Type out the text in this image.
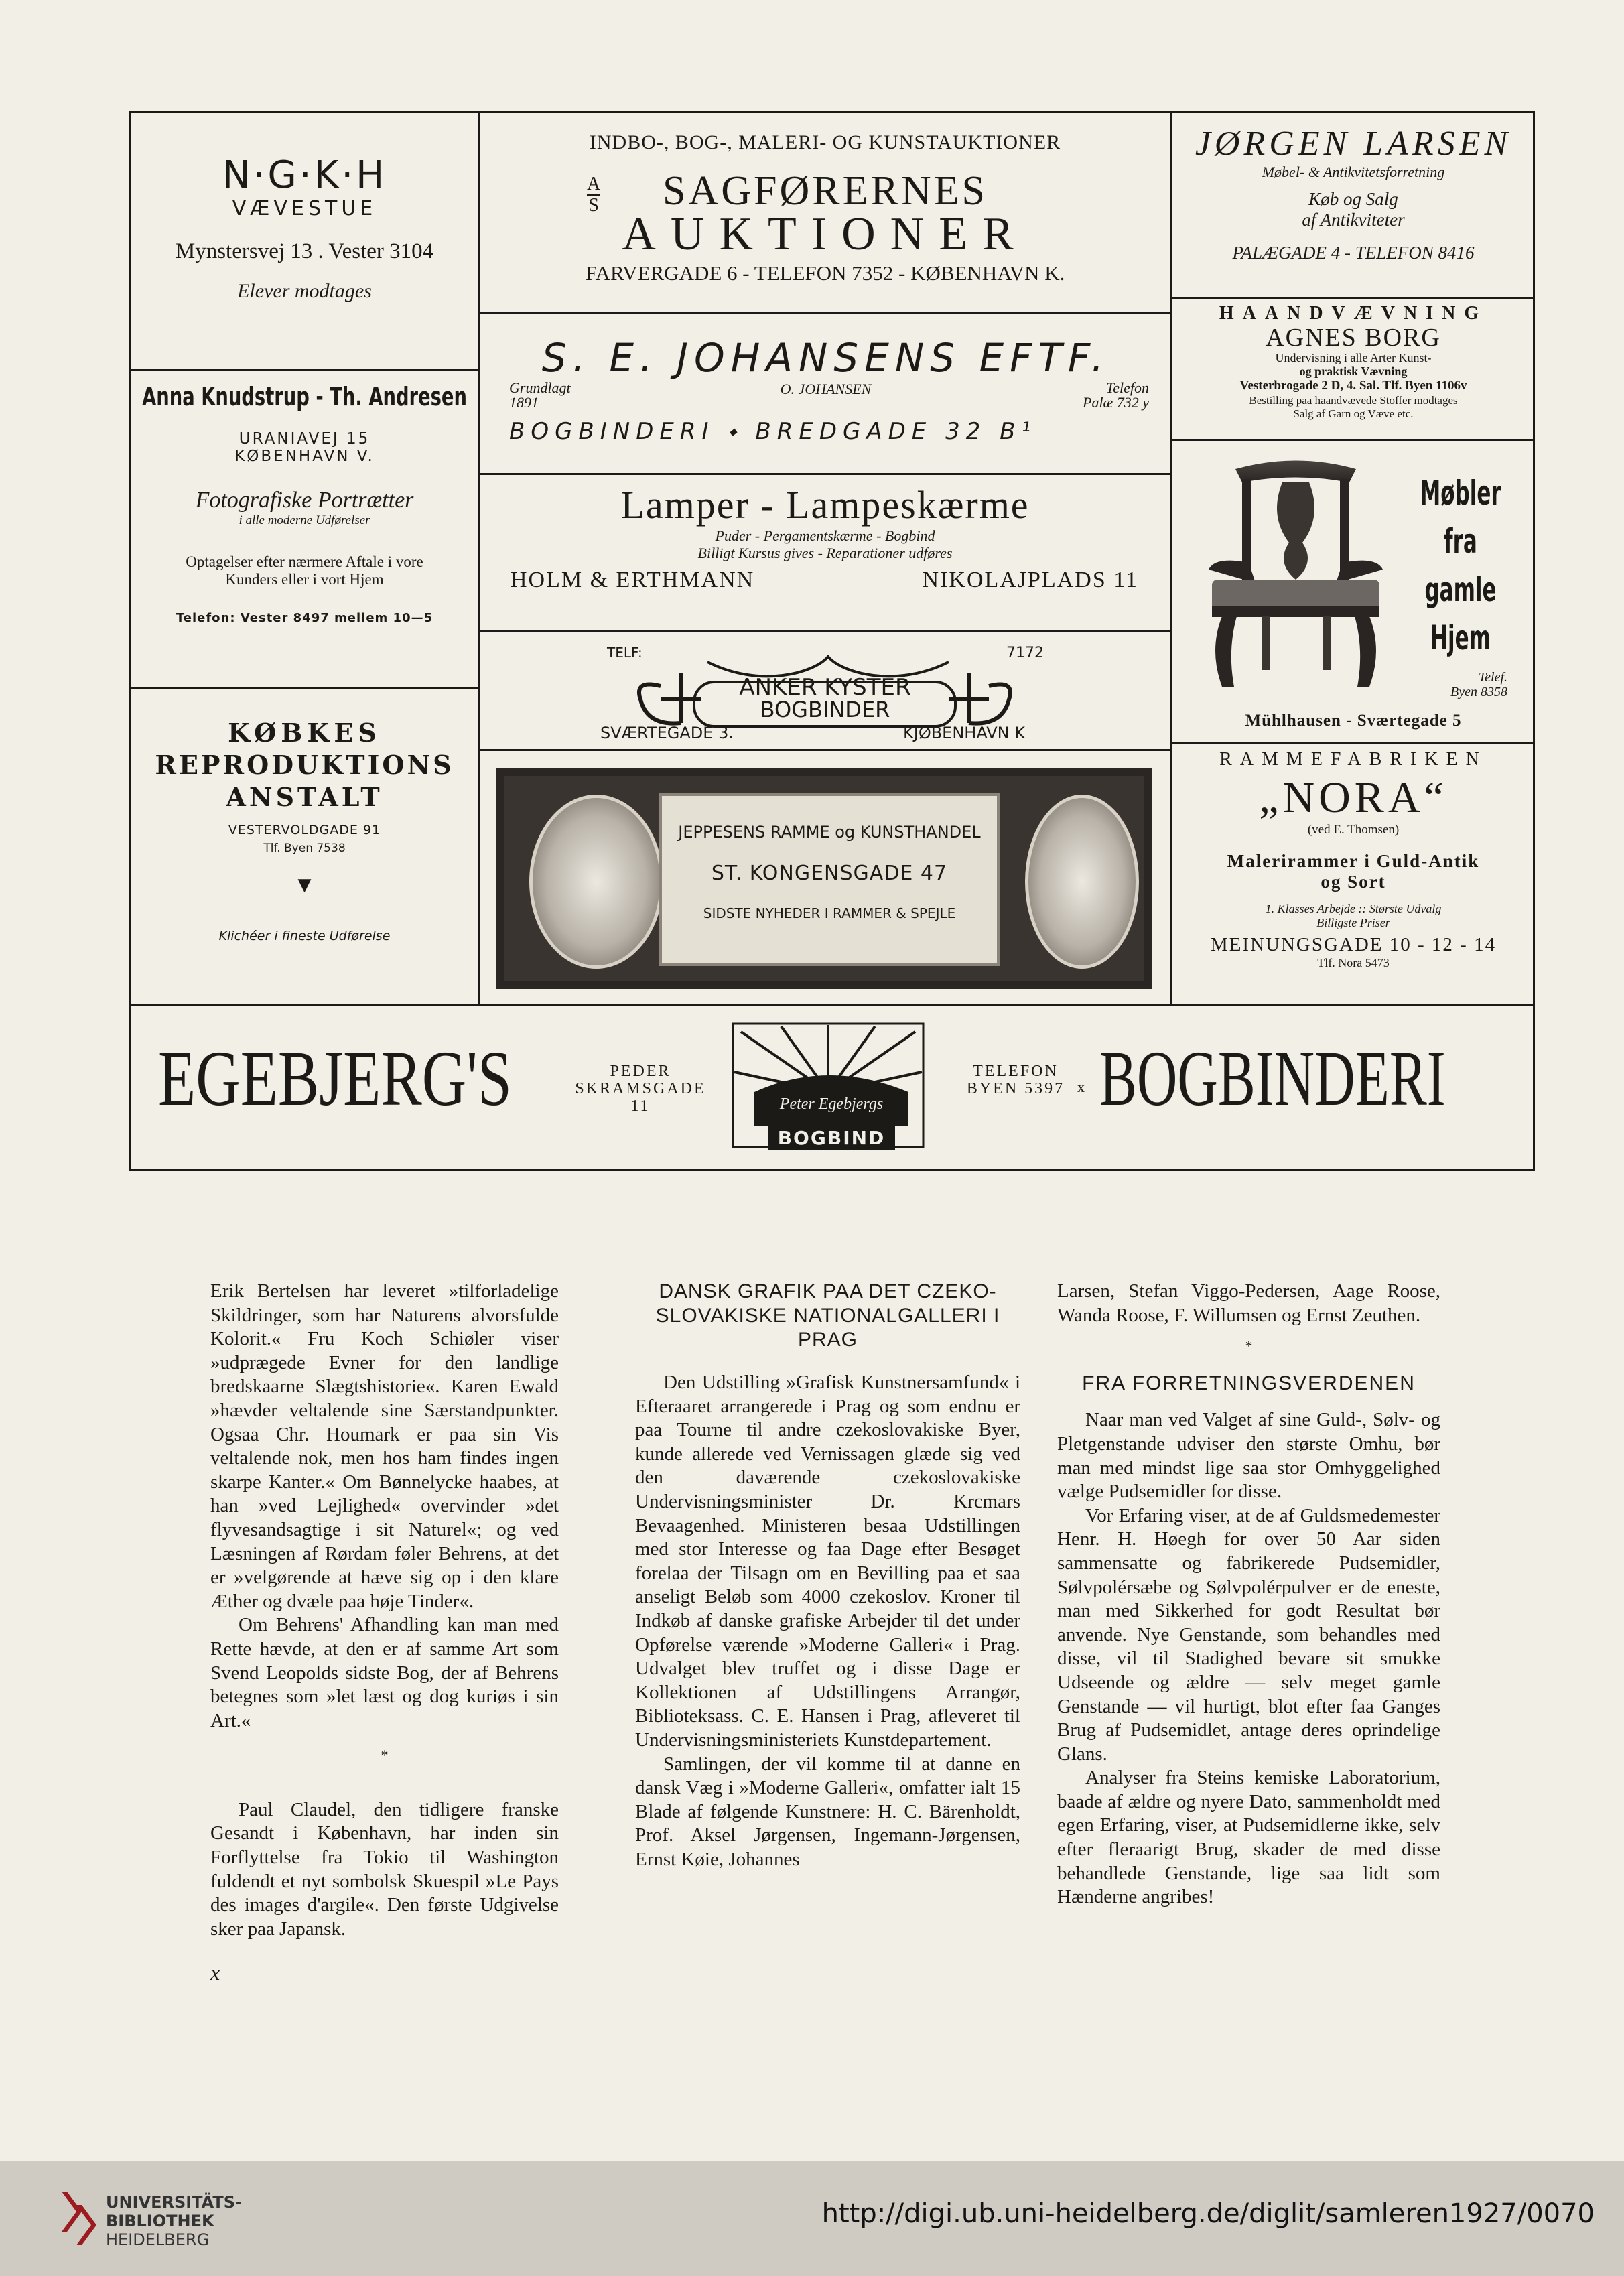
N·G·K·H
VÆVESTUE
Mynstersvej 13 . Vester 3104
Elever modtages
INDBO-, BOG-, MALERI- OG KUNSTAUKTIONER
A
S	SAGFØRERNES
AUKTIONER
FARVERGADE 6 - TELEFON 7352 - KØBENHAVN K.
JØRGEN LARSEN
Møbel- & Antikvitetsforretning
Køb og Salg
af Antikviteter
PALÆGADE 4 - TELEFON 8416
S. E. JOHANSENS EFTF.
Grundlagt
1891
O. JOHANSEN	Telefon
Palæ 732 y
BOGBINDERI ⬩ BREDGADE 32 B¹
HAANDVÆVNING
AGNES BORG
Undervisning i alle Arter Kunst-
og praktisk Vævning
Vesterbrogade 2 D, 4. Sal. Tlf. Byen 1106v
Bestilling paa haandvævede Stoffer modtages
Salg af Garn og Væve etc.
Anna Knudstrup - Th. Andresen
URANIAVEJ 15
KØBENHAVN V.
Fotografiske Portrætter
i alle moderne Udførelser
Optagelser efter nærmere Aftale i vore
Kunders eller i vort Hjem
Telefon: Vester 8497 mellem 10—5
Lamper - Lampeskærme
Puder - Pergamentskærme - Bogbind
Billigt Kursus gives - Reparationer udføres
HOLM & ERTHMANN	NIKOLAJPLADS 11
TELF:	7172
ANKER KYSTER
BOGBINDER
SVÆRTEGADE 3.	KJØBENHAVN K
Møbler
fra
gamle
Hjem
Telef.
Byen 8358
Mühlhausen - Sværtegade 5
KØBKES
REPRODUKTIONS
ANSTALT
VESTERVOLDGADE 91
Tlf. Byen 7538
▼
Klichéer i fineste Udførelse
JEPPESENS RAMME og KUNSTHANDEL
ST. KONGENSGADE 47
SIDSTE NYHEDER I RAMMER & SPEJLE
RAMMEFABRIKEN
„NORA“
(ved E. Thomsen)
Malerirammer i Guld-Antik
og Sort
1. Klasses Arbejde :: Største Udvalg
Billigste Priser
MEINUNGSGADE 10 - 12 - 14
Tlf. Nora 5473
EGEBJERG'S	PEDER
SKRAMSGADE 11	Peter Egebjergs
BOGBIND
TELEFON
BYEN 5397 x BOGBINDERI

Erik Bertelsen har leveret »tilforladelige Skildringer, som har Naturens alvorsfulde Kolorit.« Fru Koch Schiøler viser »udprægede Evner for den landlige bredskaarne Slægtshistorie«. Karen Ewald »hævder veltalende sine Særstandpunkter. Ogsaa Chr. Houmark er paa sin Vis veltalende nok, men hos ham findes ingen skarpe Kanter.« Om Bønnelycke haabes, at han »ved Lejlighed« overvinder »det flyvesandsagtige i sit Naturel«; og ved Læsningen af Rørdam føler Behrens, at det er »velgørende at hæve sig op i den klare Æther og dvæle paa høje Tinder«.

Om Behrens' Afhandling kan man med Rette hævde, at den er af samme Art som Svend Leopolds sidste Bog, der af Behrens betegnes som »let læst og dog kuriøs i sin Art.«

*

Paul Claudel, den tidligere franske Gesandt i København, har inden sin Forflyttelse fra Tokio til Washington fuldendt et nyt sombolsk Skuespil »Le Pays des images d'argile«. Den første Udgivelse sker paa Japansk.

x
DANSK GRAFIK PAA DET CZEKO-SLOVAKISKE NATIONALGALLERI I PRAG

Den Udstilling »Grafisk Kunstnersamfund« i Efteraaret arrangerede i Prag og som endnu er paa Tourne til andre czekoslovakiske Byer, kunde allerede ved Vernissagen glæde sig ved den daværende czekoslovakiske Undervisningsminister Dr. Krcmars Bevaagenhed. Ministeren besaa Udstillingen med stor Interesse og faa Dage efter Besøget forelaa der Tilsagn om en Bevilling paa et saa anseligt Beløb som 4000 czekoslov. Kroner til Indkøb af danske grafiske Arbejder til det under Opførelse værende »Moderne Galleri« i Prag. Udvalget blev truffet og i disse Dage er Kollektionen af Udstillingens Arrangør, Biblioteksass. C. E. Hansen i Prag, afleveret til Undervisningsministeriets Kunstdepartement.

Samlingen, der vil komme til at danne en dansk Væg i »Moderne Galleri«, omfatter ialt 15 Blade af følgende Kunstnere: H. C. Bärenholdt, Prof. Aksel Jørgensen, Ingemann-Jørgensen, Ernst Køie, Johannes

Larsen, Stefan Viggo-Pedersen, Aage Roose, Wanda Roose, F. Willumsen og Ernst Zeuthen.

*
FRA FORRETNINGSVERDENEN

Naar man ved Valget af sine Guld-, Sølv- og Pletgenstande udviser den største Omhu, bør man med mindst lige saa stor Omhyggelighed vælge Pudsemidler for disse.

Vor Erfaring viser, at de af Guldsmedemester Henr. H. Høegh for over 50 Aar siden sammensatte og fabrikerede Pudsemidler, Sølvpolérsæbe og Sølvpolérpulver er de eneste, man med Sikkerhed for godt Resultat bør anvende. Nye Genstande, som behandles med disse, vil til Stadighed bevare sit smukke Udseende og ældre — selv meget gamle Genstande — vil hurtigt, blot efter faa Ganges Brug af Pudsemidlet, antage deres oprindelige Glans.

Analyser fra Steins kemiske Laboratorium, baade af ældre og nyere Dato, sammenholdt med egen Erfaring, viser, at Pudsemidlerne ikke, selv efter fleraarigt Brug, skader de med disse behandlede Genstande, lige saa lidt som Hænderne angribes!

UNIVERSITÄTS-
BIBLIOTHEK
HEIDELBERG
http://digi.ub.uni-heidelberg.de/diglit/samleren1927/0070
